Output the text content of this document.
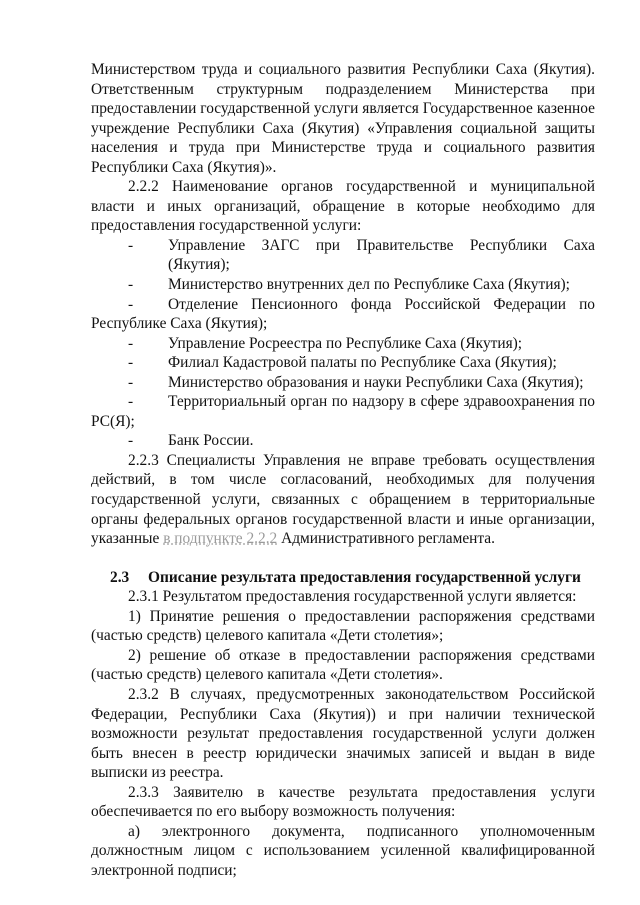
Министерством труда и социального развития Республики Саха (Якутия). Ответственным структурным подразделением Министерства при предоставлении государственной услуги является Государственное казенное учреждение Республики Саха (Якутия) «Управления социальной защиты населения и труда при Министерстве труда и социального развития Республики Саха (Якутия)».

2.2.2 Наименование органов государственной и муниципальной власти и иных организаций, обращение в которые необходимо для предоставления государственной услуги:

-	Управление ЗАГС при Правительстве Республики Саха (Якутия);

-	Министерство внутренних дел по Республике Саха (Якутия);

- Отделение Пенсионного фонда Российской Федерации по Республике Саха (Якутия);

-	Управление Росреестра по Республике Саха (Якутия);

-	Филиал Кадастровой палаты по Республике Саха (Якутия);

-	Министерство образования и науки Республики Саха (Якутия);

- Территориальный орган по надзору в сфере здравоохранения по РС(Я);

-	Банк России.

2.2.3 Специалисты Управления не вправе требовать осуществления действий, в том числе согласований, необходимых для получения государственной услуги, связанных с обращением в территориальные органы федеральных органов государственной власти и иные организации, указанные в подпункте 2.2.2 Административного регламента.

2.3 Описание результата предоставления государственной услуги

2.3.1 Результатом предоставления государственной услуги является:

1) Принятие решения о предоставлении распоряжения средствами (частью средств) целевого капитала «Дети столетия»;

2) решение об отказе в предоставлении распоряжения средствами (частью средств) целевого капитала «Дети столетия».

2.3.2 В случаях, предусмотренных законодательством Российской Федерации, Республики Саха (Якутия)) и при наличии технической возможности результат предоставления государственной услуги должен быть внесен в реестр юридически значимых записей и выдан в виде выписки из реестра.

2.3.3 Заявителю в качестве результата предоставления услуги обеспечивается по его выбору возможность получения:

а) электронного документа, подписанного уполномоченным должностным лицом с использованием усиленной квалифицированной электронной подписи;
